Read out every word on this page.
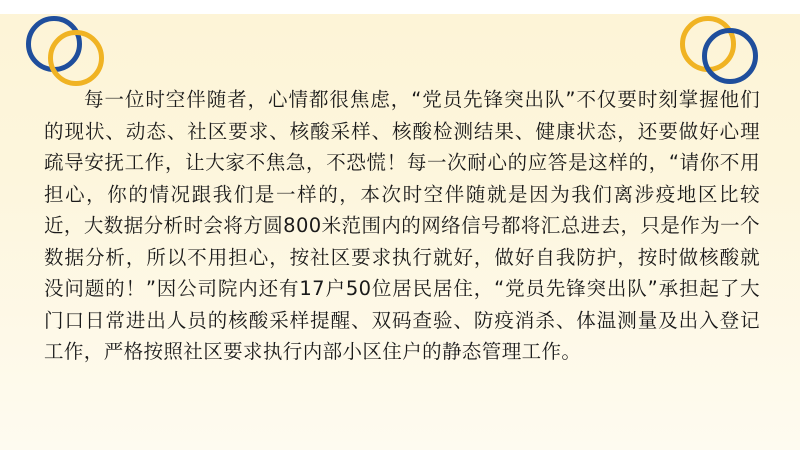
每一位时空伴随者，心情都很焦虑，“党员先锋突出队”不仅要时刻掌握他们的现状、动态、社区要求、核酸采样、核酸检测结果、健康状态，还要做好心理疏导安抚工作，让大家不焦急，不恐慌！每一次耐心的应答是这样的，“请你不用担心，你的情况跟我们是一样的，本次时空伴随就是因为我们离涉疫地区比较近，大数据分析时会将方圆800米范围内的网络信号都将汇总进去，只是作为一个数据分析，所以不用担心，按社区要求执行就好，做好自我防护，按时做核酸就没问题的！”因公司院内还有17户50位居民居住，“党员先锋突出队”承担起了大门口日常进出人员的核酸采样提醒、双码查验、防疫消杀、体温测量及出入登记工作，严格按照社区要求执行内部小区住户的静态管理工作。
